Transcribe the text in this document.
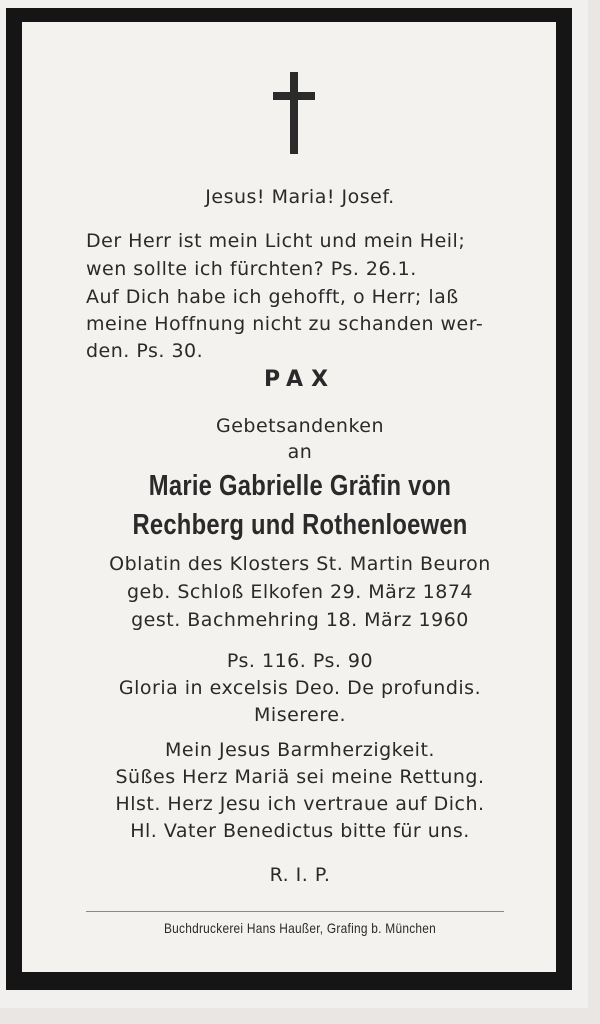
Jesus! Maria! Josef.
Der Herr ist mein Licht und mein Heil;
wen sollte ich fürchten? Ps. 26.1.
Auf Dich habe ich gehofft, o Herr; laß
meine Hoffnung nicht zu schanden wer-
den. Ps. 30.
PAX
Gebetsandenken
an
Marie Gabrielle Gräfin von
Rechberg und Rothenloewen
Oblatin des Klosters St. Martin Beuron
geb. Schloß Elkofen 29. März 1874
gest. Bachmehring 18. März 1960
Ps. 116. Ps. 90
Gloria in excelsis Deo. De profundis.
Miserere.
Mein Jesus Barmherzigkeit.
Süßes Herz Mariä sei meine Rettung.
Hlst. Herz Jesu ich vertraue auf Dich.
Hl. Vater Benedictus bitte für uns.
R. I. P.
Buchdruckerei Hans Haußer, Grafing b. München
